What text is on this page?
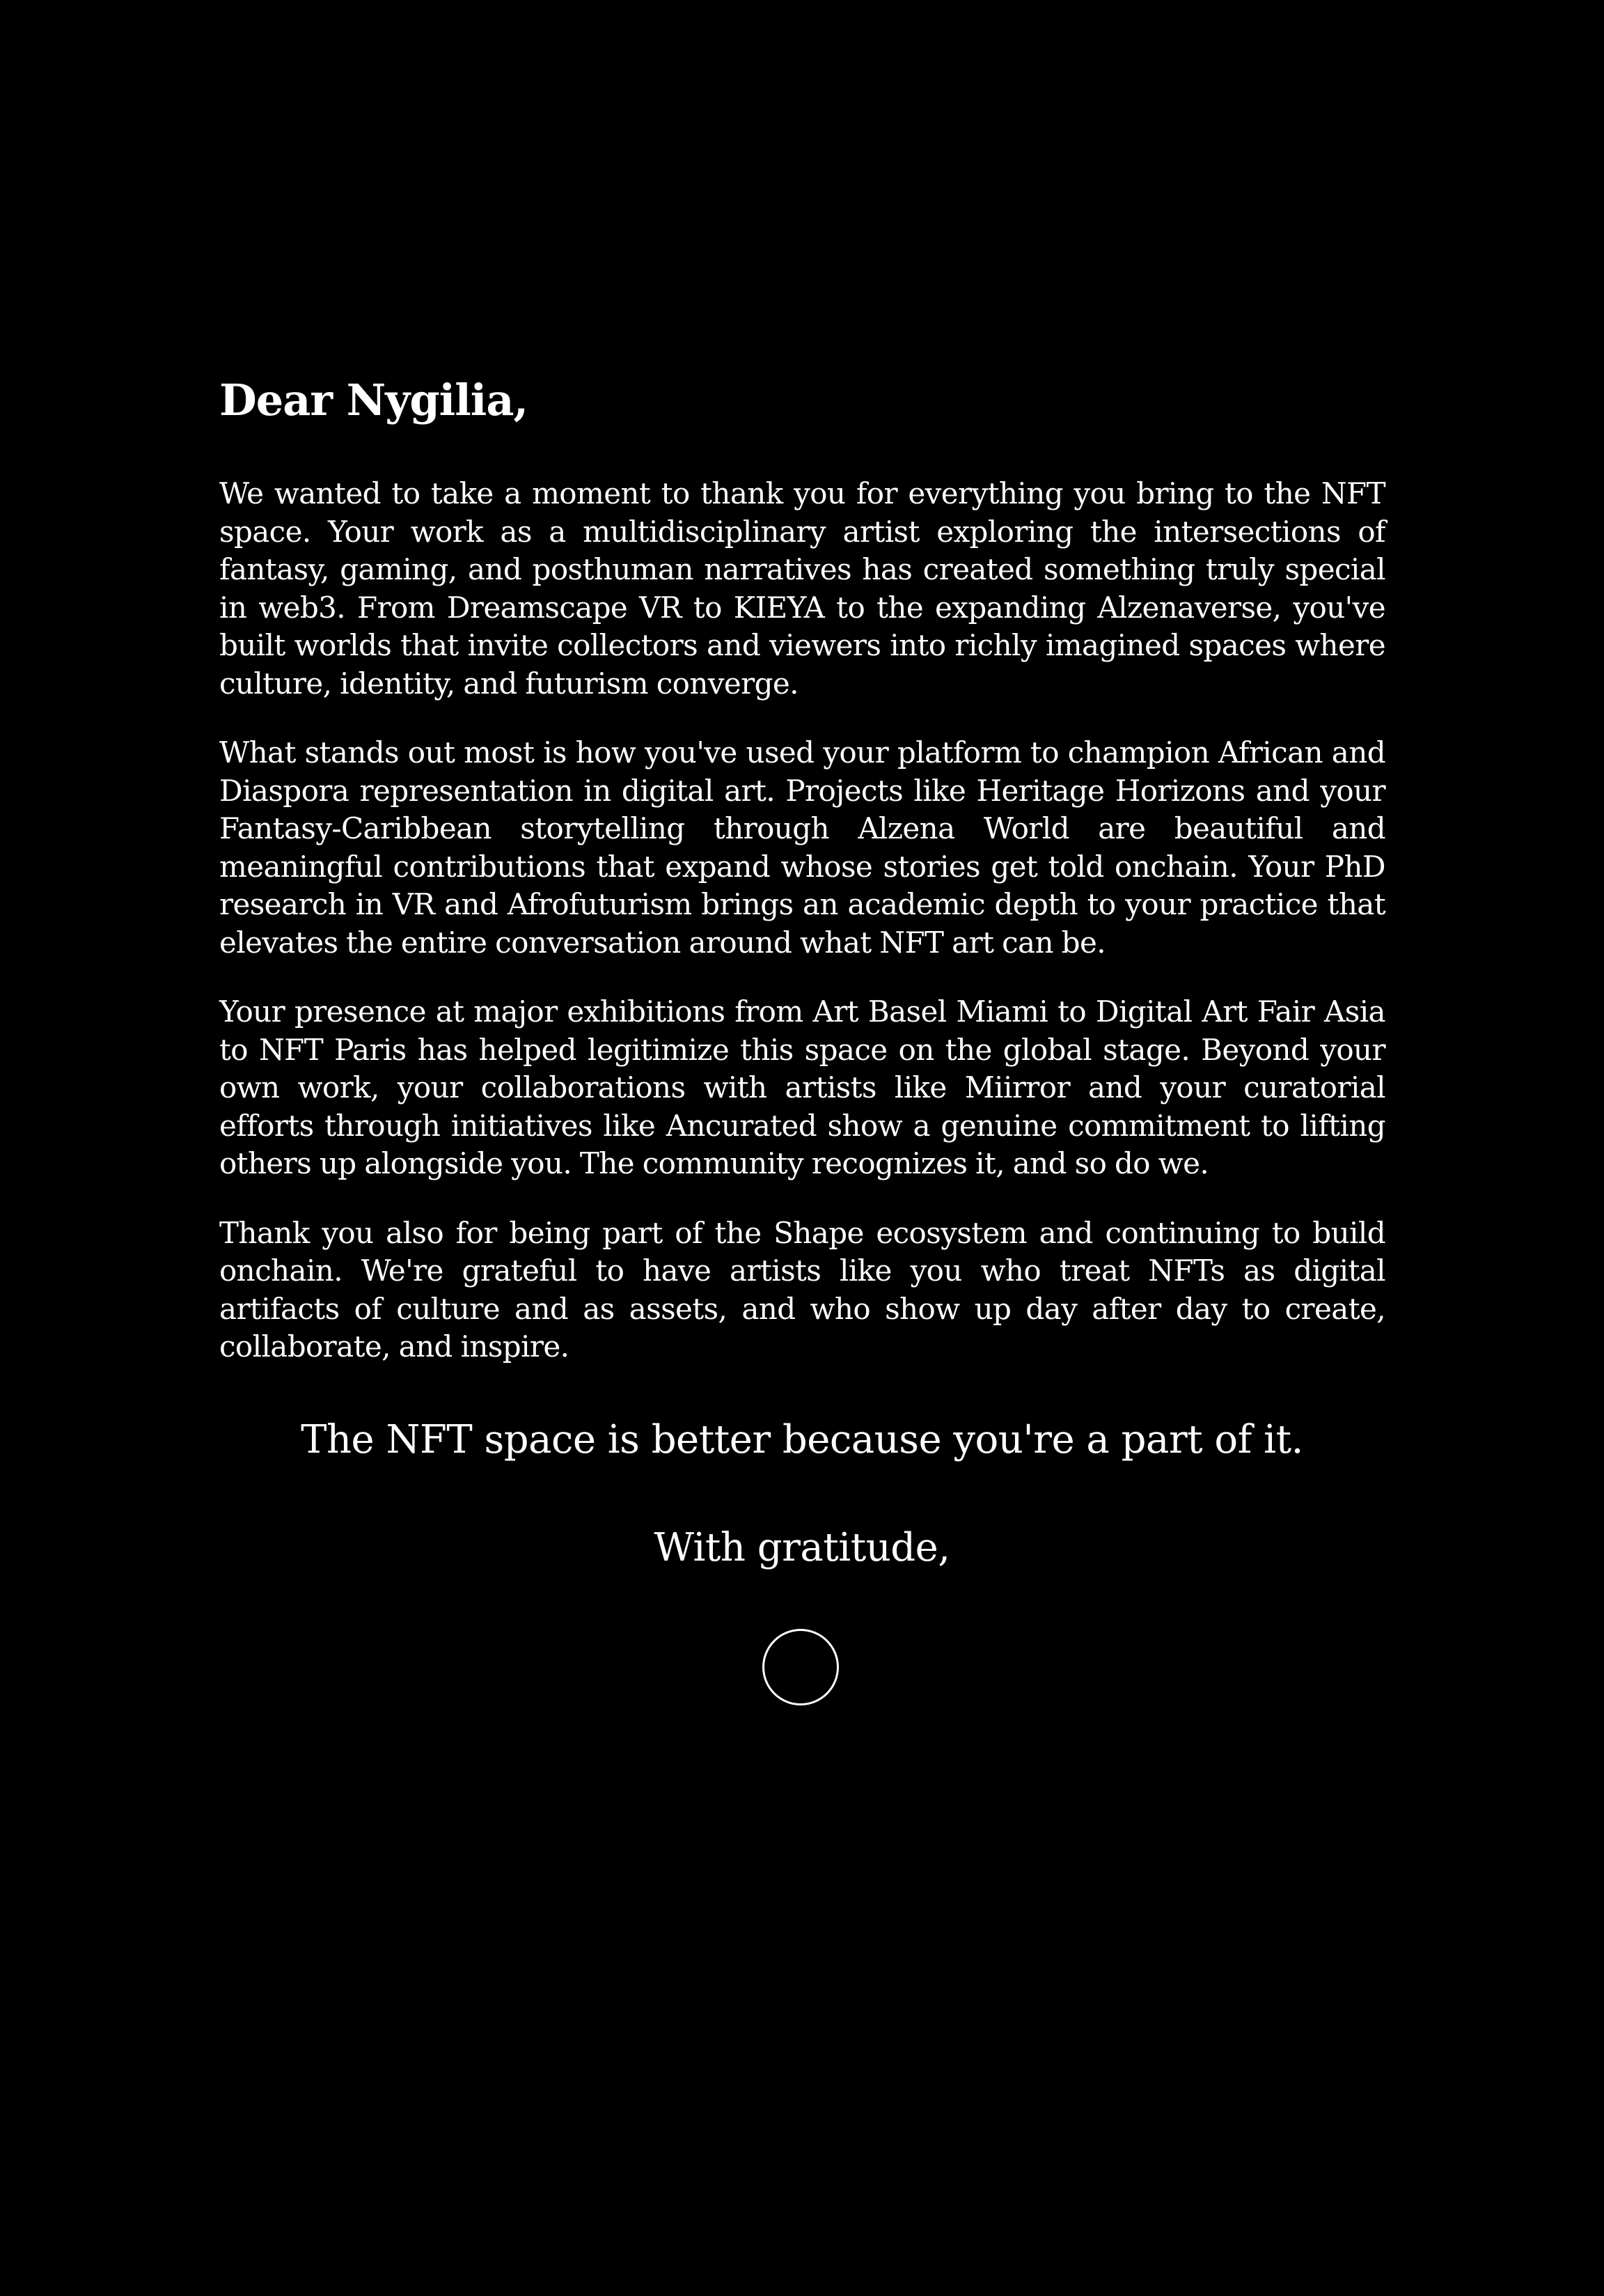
Dear Nygilia,

We wanted to take a moment to thank you for everything you bring to the NFT space. Your work as a multidisciplinary artist exploring the intersections of fantasy, gaming, and posthuman narratives has created something truly special in web3. From Dreamscape VR to KIEYA to the expanding Alzenaverse, you've built worlds that invite collectors and viewers into richly imagined spaces where culture, identity, and futurism converge.

What stands out most is how you've used your platform to champion African and Diaspora representation in digital art. Projects like Heritage Horizons and your Fantasy-Caribbean storytelling through Alzena World are beautiful and meaningful contributions that expand whose stories get told onchain. Your PhD research in VR and Afrofuturism brings an academic depth to your practice that elevates the entire conversation around what NFT art can be.

Your presence at major exhibitions from Art Basel Miami to Digital Art Fair Asia to NFT Paris has helped legitimize this space on the global stage. Beyond your own work, your collaborations with artists like Miirror and your curatorial efforts through initiatives like Ancurated show a genuine commitment to lifting others up alongside you. The community recognizes it, and so do we.

Thank you also for being part of the Shape ecosystem and continuing to build onchain. We're grateful to have artists like you who treat NFTs as digital artifacts of culture and as assets, and who show up day after day to create, collaborate, and inspire.

The NFT space is better because you're a part of it.
With gratitude,
